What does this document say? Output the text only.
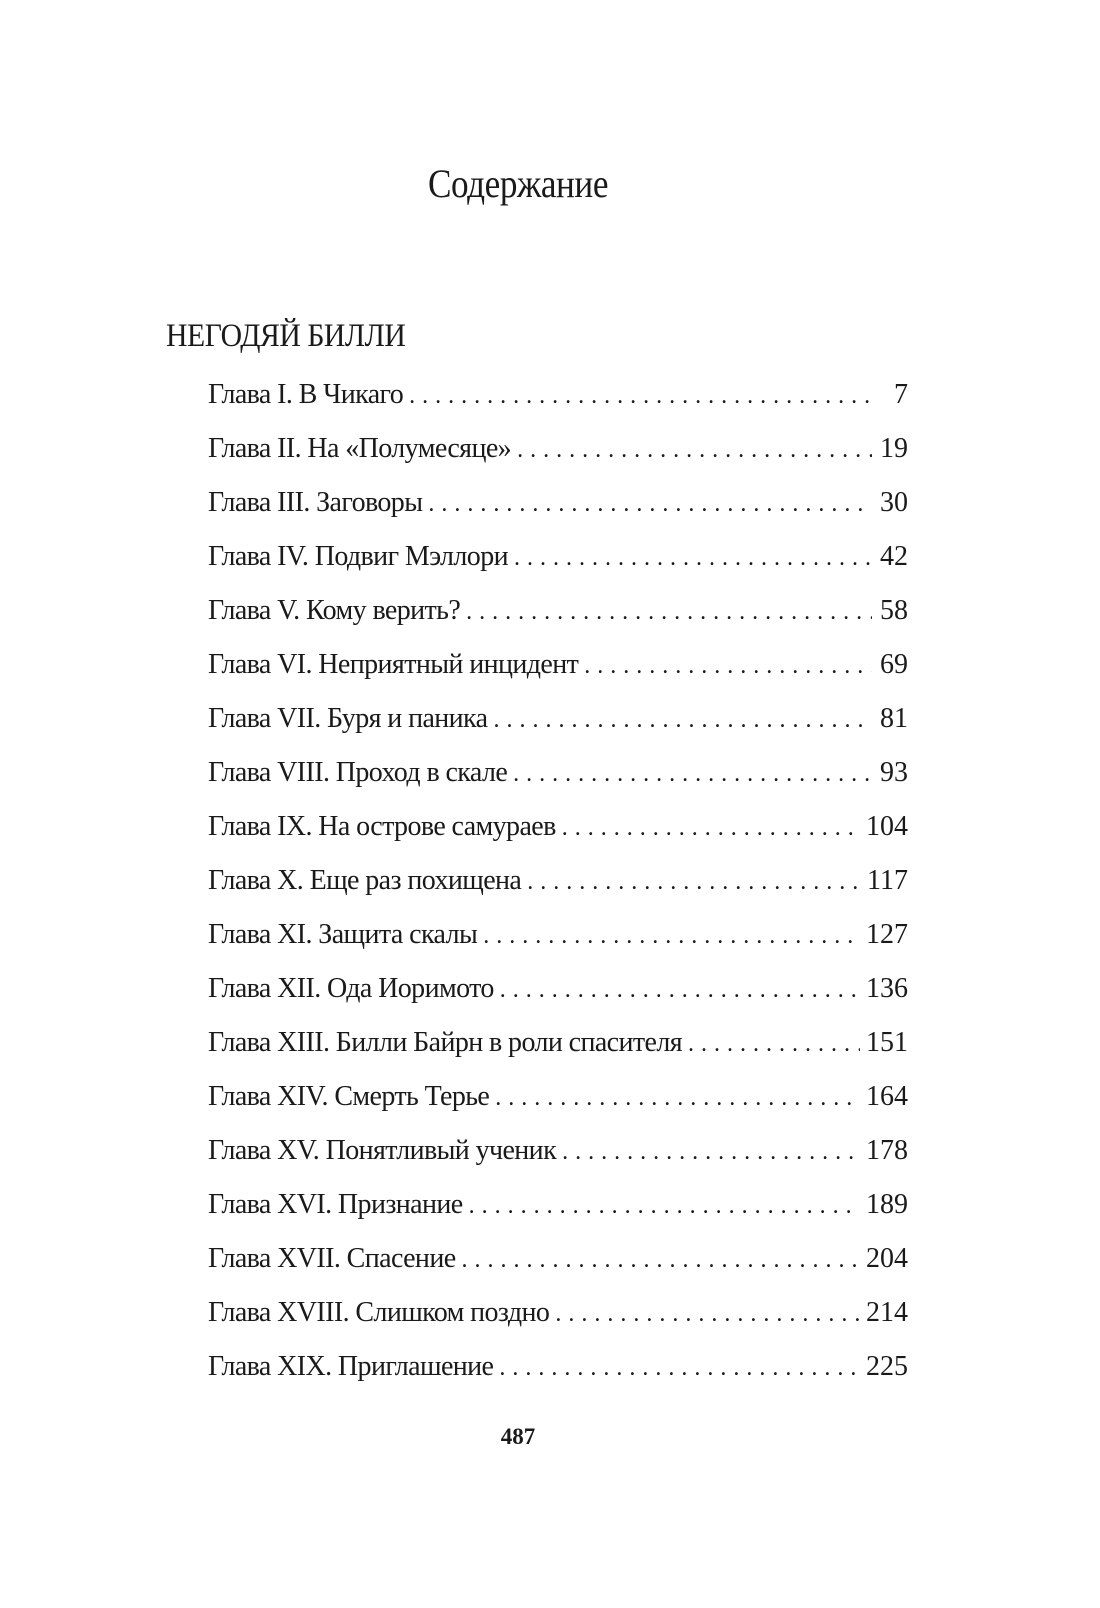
Содержание
НЕГОДЯЙ БИЛЛИ
Глава I. В Чикаго . . .	7
Глава II. На «Полумесяце» . . .	19
Глава III. Заговоры . . .	30
Глава IV. Подвиг Мэллори . . .	42
Глава V. Кому верить? . . .	58
Глава VI. Неприятный инцидент . . .	69
Глава VII. Буря и паника . . .	81
Глава VIII. Проход в скале . . .	93
Глава IX. На острове самураев . . .	104
Глава X. Еще раз похищена . . .	117
Глава XI. Защита скалы . . .	127
Глава XII. Ода Иоримото . . .	136
Глава XIII. Билли Байрн в роли спасителя . . .	151
Глава XIV. Смерть Терье . . .	164
Глава XV. Понятливый ученик . . .	178
Глава XVI. Признание . . .	189
Глава XVII. Спасение . . .	204
Глава XVIII. Слишком поздно . . .	214
Глава XIX. Приглашение . . .	225
487
